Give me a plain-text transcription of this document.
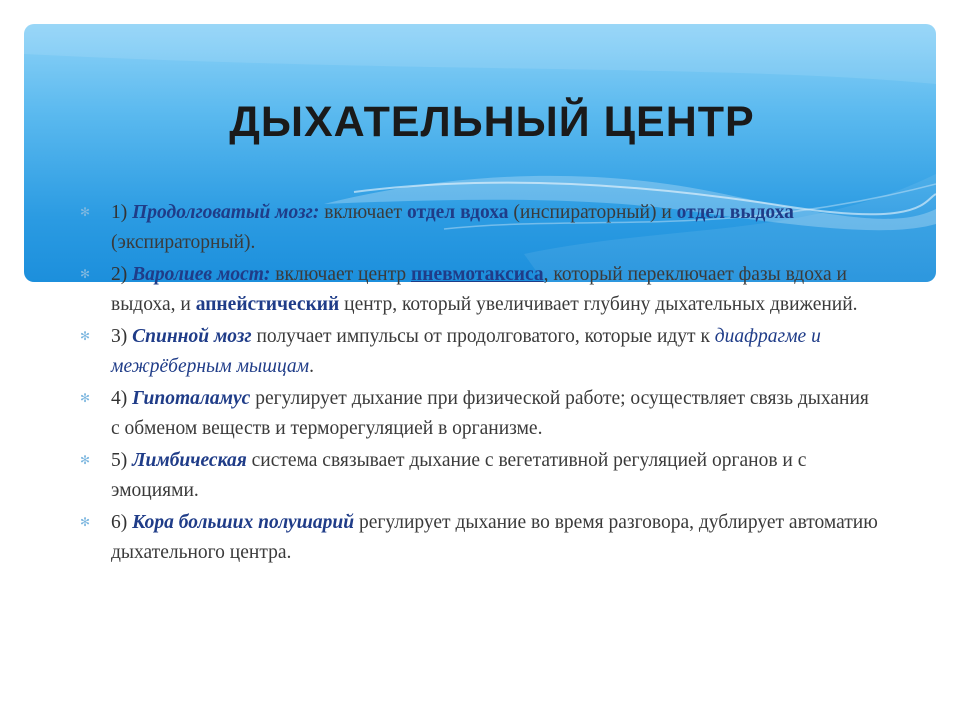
ДЫХАТЕЛЬНЫЙ ЦЕНТР
✻	1) Продолговатый мозг: включает отдел вдоха (инспираторный) и отдел выдоха (экспираторный).
✻	2) Варолиев мост: включает центр пневмотаксиса, который переключает фазы вдоха и выдоха, и апнейстический центр, который увеличивает глубину дыхательных движений.
✻	3) Спинной мозг получает импульсы от продолговатого, которые идут к диафрагме и межрёберным мышцам.
✻	4) Гипоталамус регулирует дыхание при физической работе; осуществляет связь дыхания с обменом веществ и терморегуляцией в организме.
✻	5) Лимбическая система связывает дыхание с вегетативной регуляцией органов и с эмоциями.
✻	6) Кора больших полушарий регулирует дыхание во время разговора, дублирует автоматию дыхательного центра.
